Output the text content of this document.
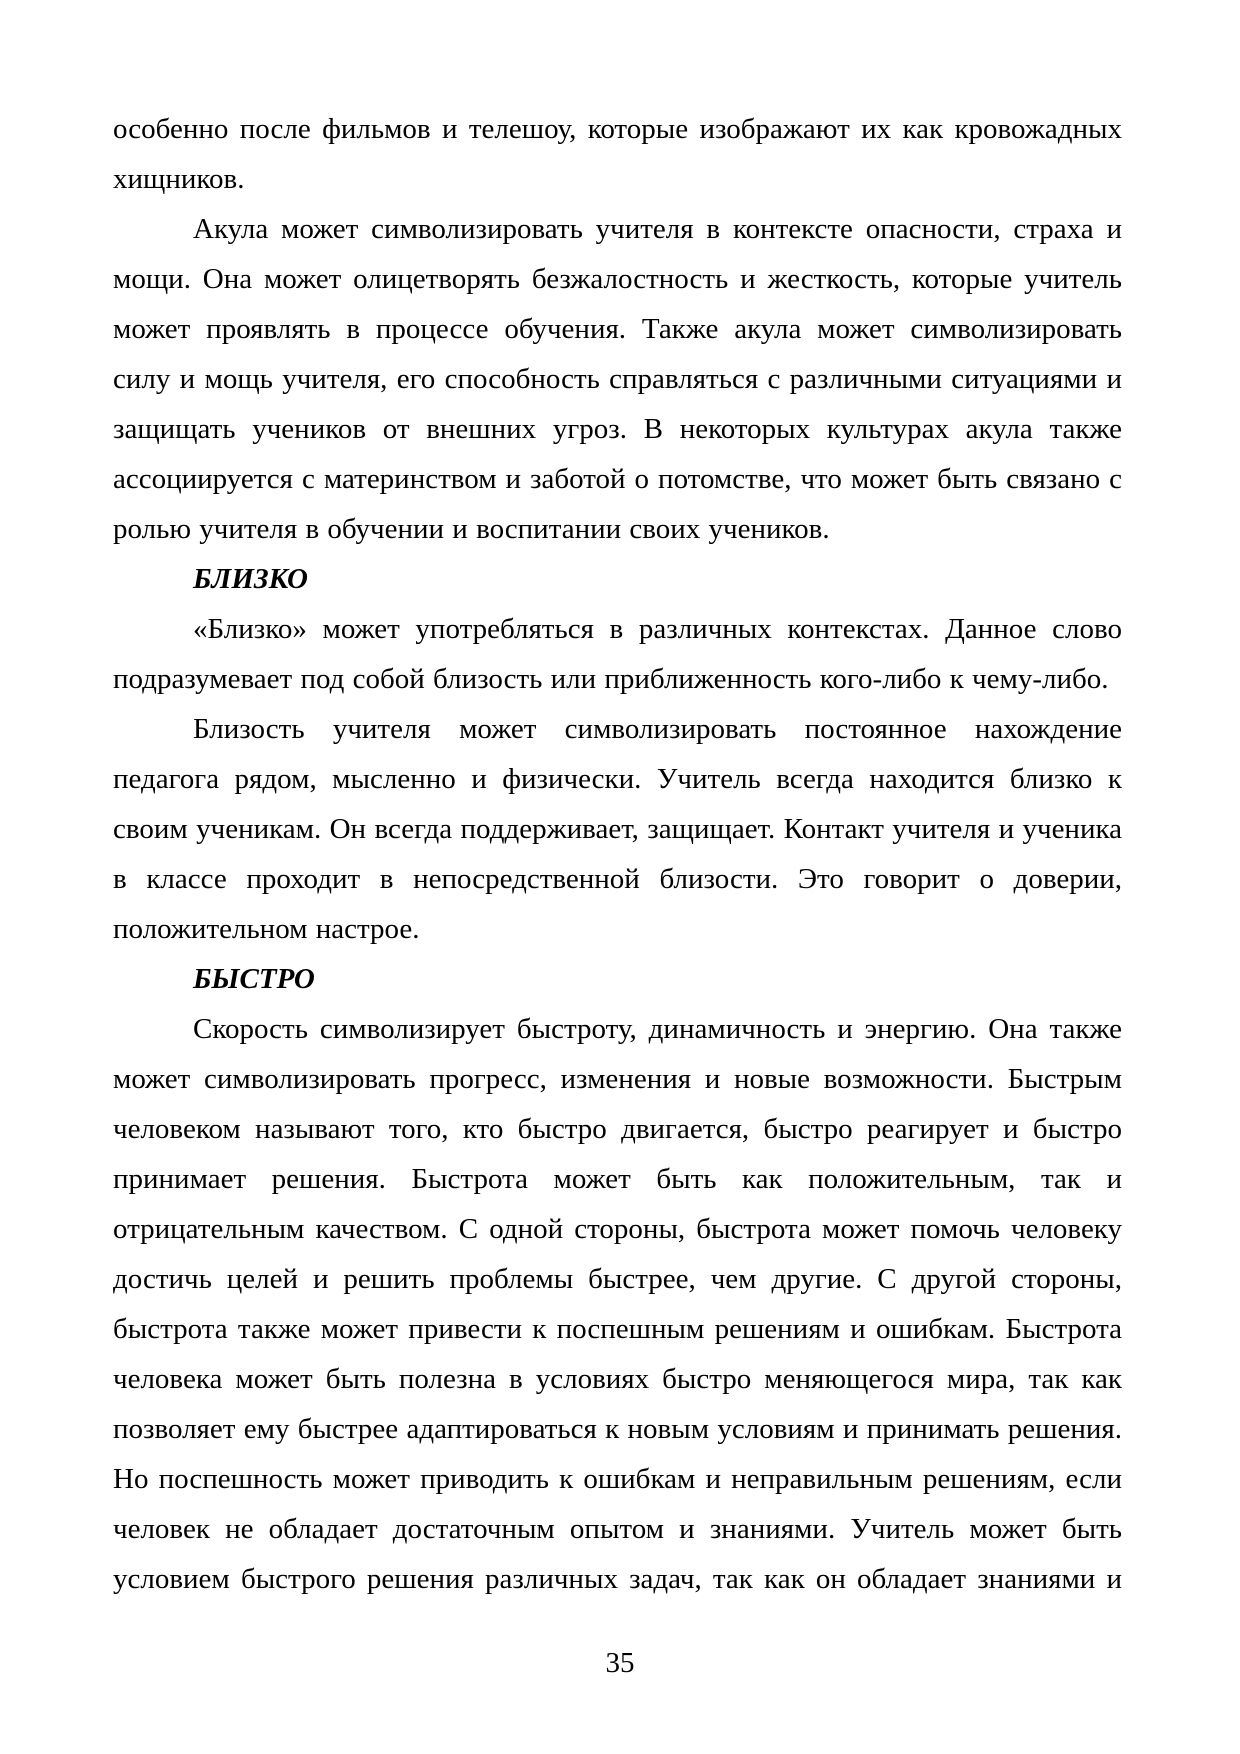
особенно после фильмов и телешоу, которые изображают их как кровожадных хищников.

Акула может символизировать учителя в контексте опасности, страха и мощи. Она может олицетворять безжалостность и жесткость, которые учитель может проявлять в процессе обучения. Также акула может символизировать силу и мощь учителя, его способность справляться с различными ситуациями и защищать учеников от внешних угроз. В некоторых культурах акула также ассоциируется с материнством и заботой о потомстве, что может быть связано с ролью учителя в обучении и воспитании своих учеников.

БЛИЗКО

«Близко» может употребляться в различных контекстах. Данное слово подразумевает под собой близость или приближенность кого-либо к чему-либо.

Близость учителя может символизировать постоянное нахождение педагога рядом, мысленно и физически. Учитель всегда находится близко к своим ученикам. Он всегда поддерживает, защищает. Контакт учителя и ученика в классе проходит в непосредственной близости. Это говорит о доверии, положительном настрое.

БЫСТРО

Скорость символизирует быстроту, динамичность и энергию. Она также может символизировать прогресс, изменения и новые возможности. Быстрым человеком называют того, кто быстро двигается, быстро реагирует и быстро принимает решения. Быстрота может быть как положительным, так и отрицательным качеством. С одной стороны, быстрота может помочь человеку достичь целей и решить проблемы быстрее, чем другие. С другой стороны, быстрота также может привести к поспешным решениям и ошибкам. Быстрота человека может быть полезна в условиях быстро меняющегося мира, так как позволяет ему быстрее адаптироваться к новым условиям и принимать решения. Но поспешность может приводить к ошибкам и неправильным решениям, если человек не обладает достаточным опытом и знаниями. Учитель может быть условием быстрого решения различных задач, так как он обладает знаниями и

35
